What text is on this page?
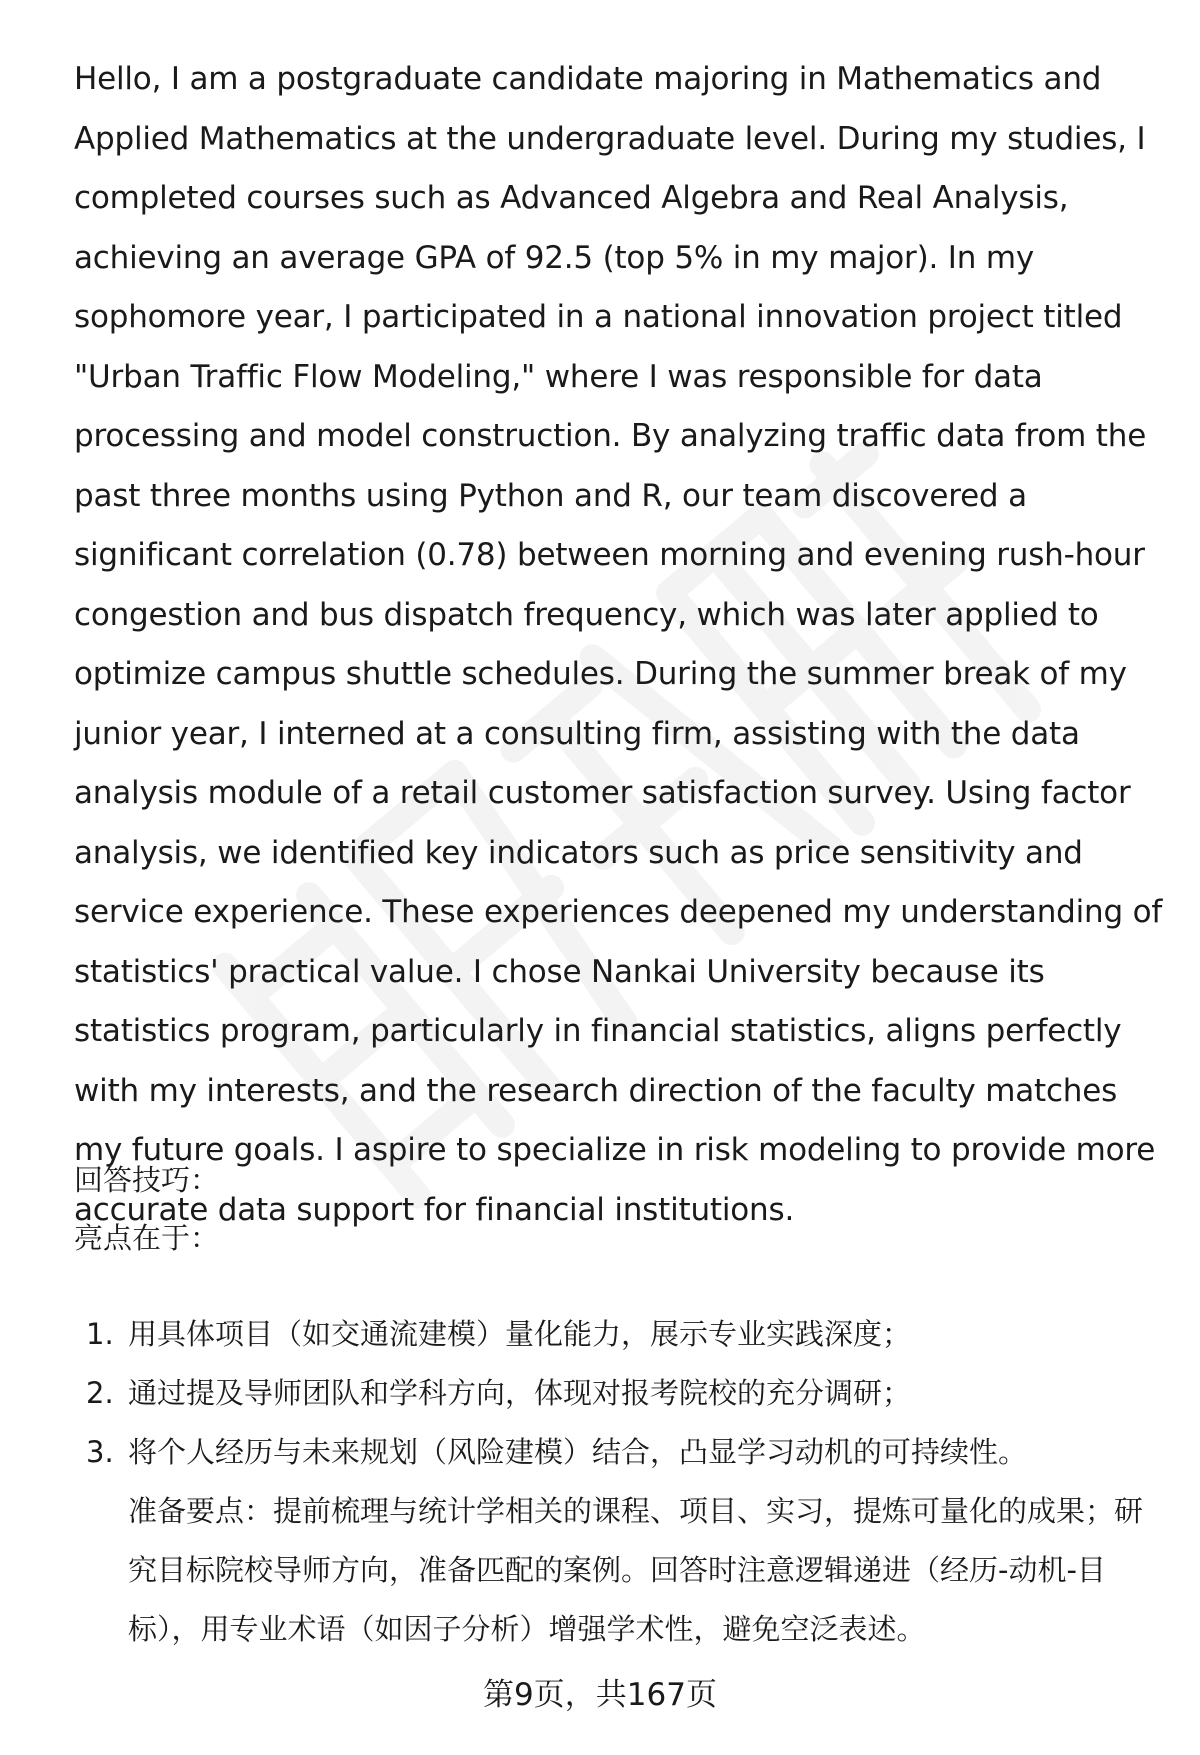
Hello, I am a postgraduate candidate majoring in Mathematics and Applied Mathematics at the undergraduate level. During my studies, I completed courses such as Advanced Algebra and Real Analysis, achieving an average GPA of 92.5 (top 5% in my major). In my sophomore year, I participated in a national innovation project titled "Urban Traffic Flow Modeling," where I was responsible for data processing and model construction. By analyzing traffic data from the past three months using Python and R, our team discovered a significant correlation (0.78) between morning and evening rush-hour congestion and bus dispatch frequency, which was later applied to optimize campus shuttle schedules. During the summer break of my junior year, I interned at a consulting firm, assisting with the data analysis module of a retail customer satisfaction survey. Using factor analysis, we identified key indicators such as price sensitivity and service experience. These experiences deepened my understanding of statistics' practical value. I chose Nankai University because its statistics program, particularly in financial statistics, aligns perfectly with my interests, and the research direction of the faculty matches my future goals. I aspire to specialize in risk modeling to provide more accurate data support for financial institutions.

回答技巧：

亮点在于：

1. 用具体项目（如交通流建模）量化能力，展示专业实践深度；
2. 通过提及导师团队和学科方向，体现对报考院校的充分调研；
3. 将个人经历与未来规划（风险建模）结合，凸显学习动机的可持续性。

准备要点：提前梳理与统计学相关的课程、项目、实习，提炼可量化的成果；研究目标院校导师方向，准备匹配的案例。回答时注意逻辑递进（经历-动机-目标），用专业术语（如因子分析）增强学术性，避免空泛表述。

第9页，共167页
